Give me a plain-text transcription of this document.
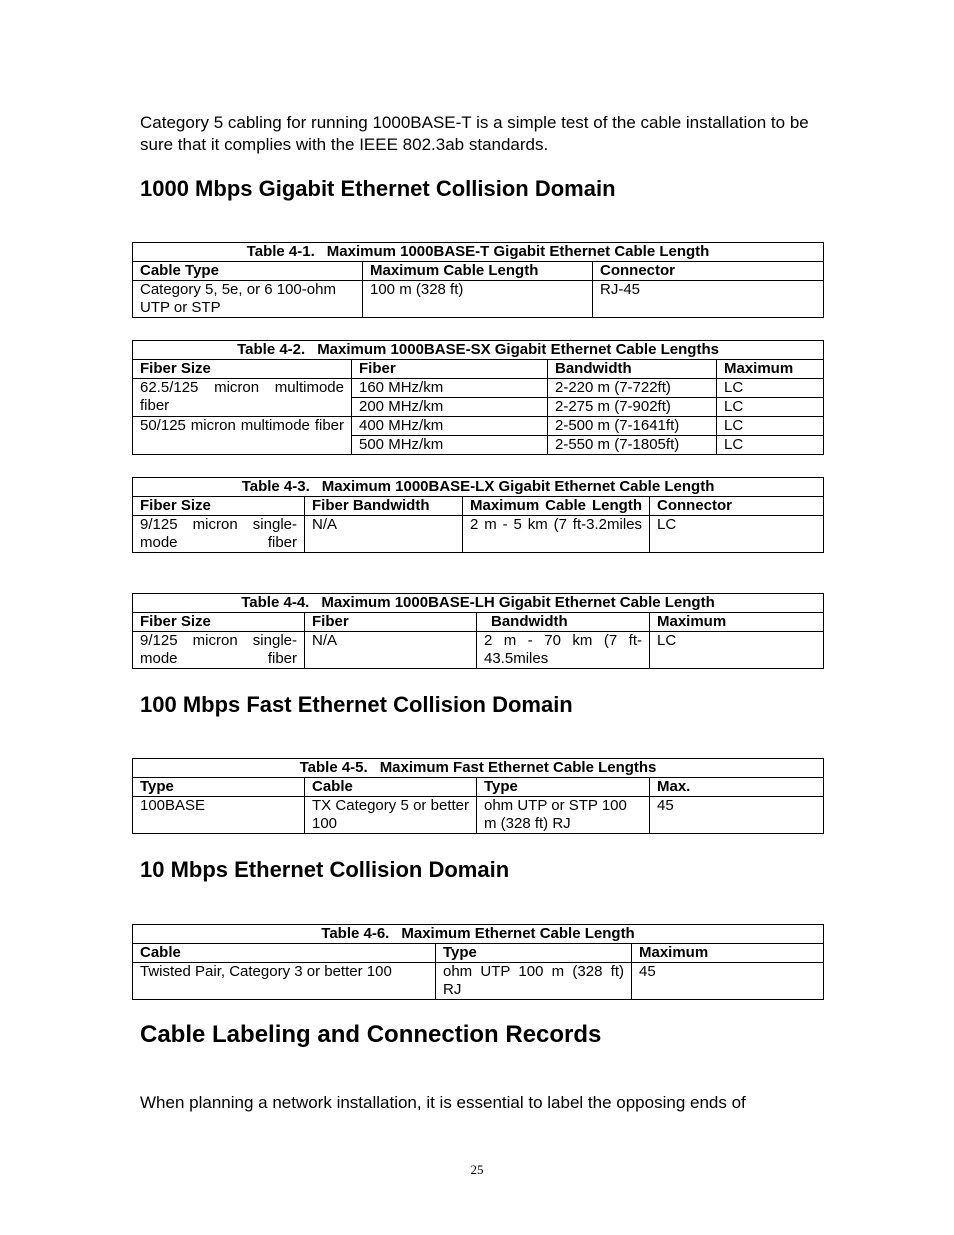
Category 5 cabling for running 1000BASE-T is a simple test of the cable installation to be sure that it complies with the IEEE 802.3ab standards.

1000 Mbps Gigabit Ethernet Collision Domain
Table 4-1. Maximum 1000BASE-T Gigabit Ethernet Cable Length		
Cable Type	Maximum Cable Length	Connector
Category 5, 5e, or 6 100-ohm UTP or STP	100 m (328 ft)	RJ-45
Table 4-2. Maximum 1000BASE-SX Gigabit Ethernet Cable Lengths			
Fiber Size	Fiber	Bandwidth	Maximum
62.5/125 micron multimode fiber	160 MHz/km	2-220 m (7-722ft)	LC
	200 MHz/km	2-275 m (7-902ft)	LC
50/125 micron multimode fiber	400 MHz/km	2-500 m (7-1641ft)	LC
	500 MHz/km	2-550 m (7-1805ft)	LC
Table 4-3. Maximum 1000BASE-LX Gigabit Ethernet Cable Length			
Fiber Size	Fiber Bandwidth	Maximum Cable Length	Connector
9/125 micron single-mode fiber	N/A	2 m - 5 km (7 ft-3.2miles	LC
Table 4-4. Maximum 1000BASE-LH Gigabit Ethernet Cable Length			
Fiber Size	Fiber	Bandwidth	Maximum
9/125 micron single-mode fiber	N/A	2 m - 70 km (7 ft-43.5miles	LC
100 Mbps Fast Ethernet Collision Domain
Table 4-5. Maximum Fast Ethernet Cable Lengths			
Type	Cable	Type	Max.
100BASE	TX Category 5 or better 100	ohm UTP or STP 100 m (328 ft) RJ	45
10 Mbps Ethernet Collision Domain
Table 4-6. Maximum Ethernet Cable Length		
Cable	Type	Maximum
Twisted Pair, Category 3 or better 100	ohm UTP 100 m (328 ft) RJ	45
Cable Labeling and Connection Records

When planning a network installation, it is essential to label the opposing ends of

25
